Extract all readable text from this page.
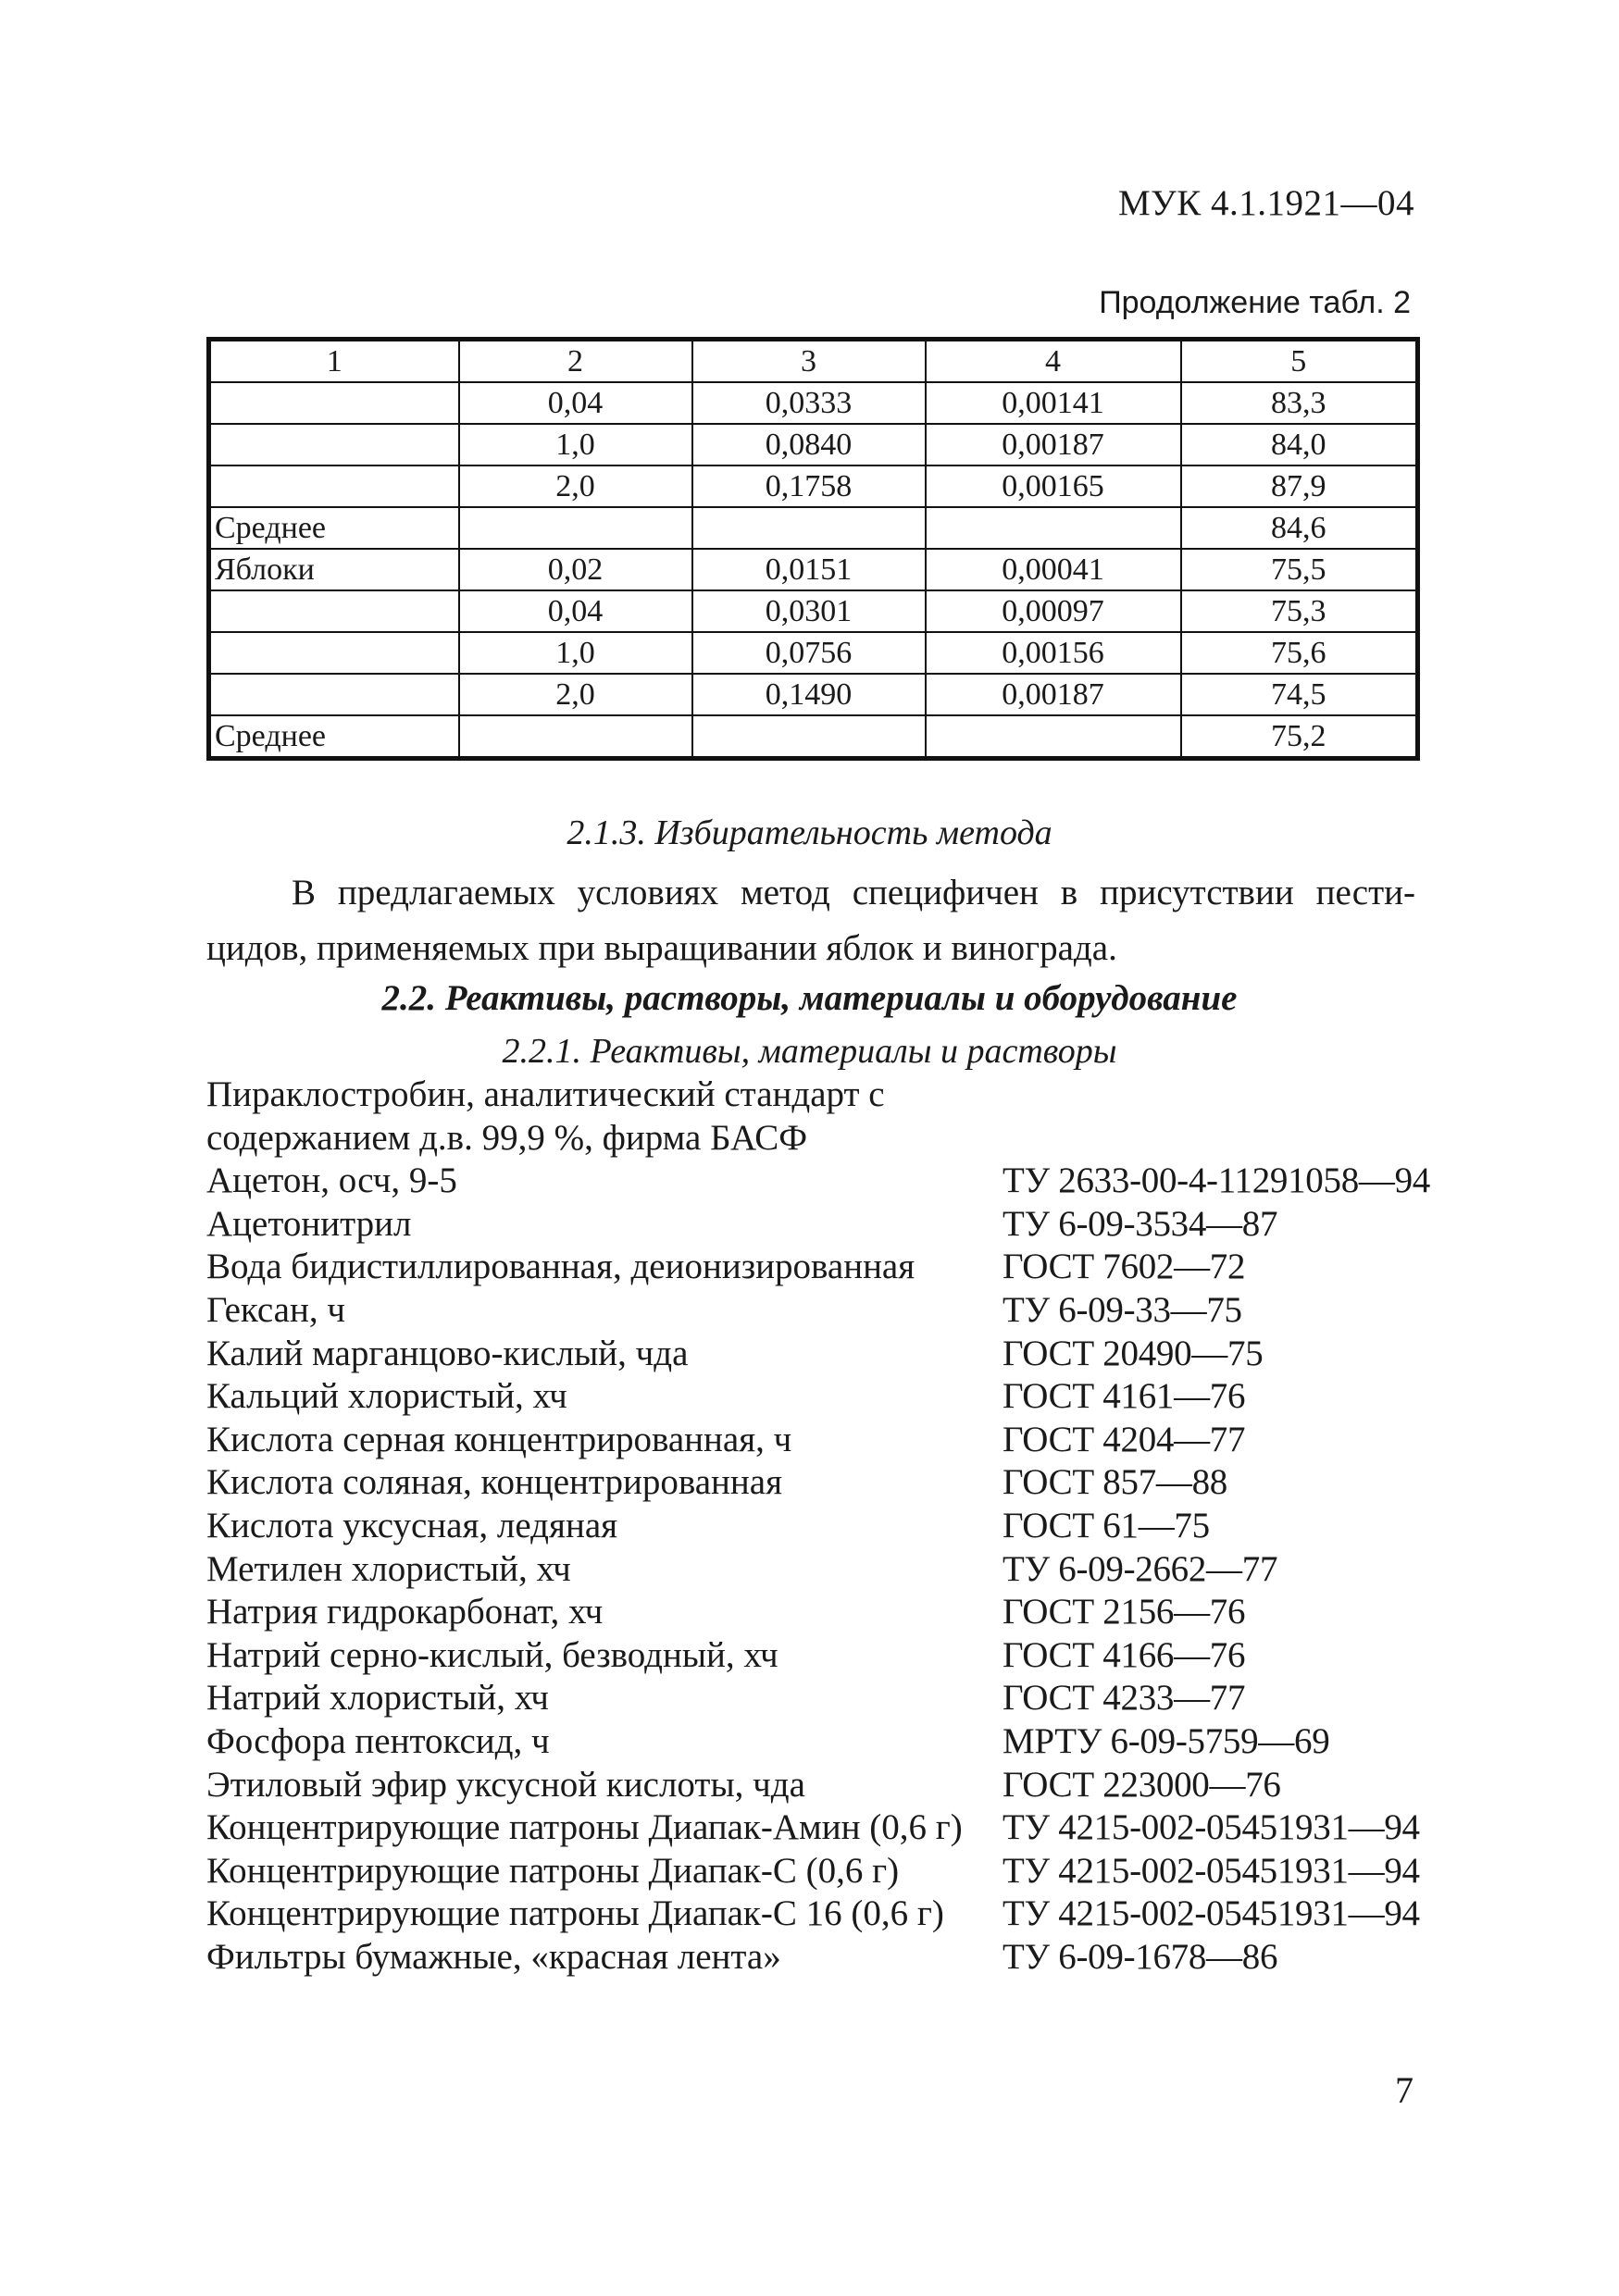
МУК 4.1.1921—04
Продолжение табл. 2
1	2	3	4	5
	0,04	0,0333	0,00141	83,3
	1,0	0,0840	0,00187	84,0
	2,0	0,1758	0,00165	87,9
Среднее				84,6
Яблоки	0,02	0,0151	0,00041	75,5
	0,04	0,0301	0,00097	75,3
	1,0	0,0756	0,00156	75,6
	2,0	0,1490	0,00187	74,5
Среднее				75,2
2.1.3. Избирательность метода
В предлагаемых условиях метод специфичен в присутствии пести-цидов, применяемых при выращивании яблок и винограда.
2.2. Реактивы, растворы, материалы и оборудование
2.2.1. Реактивы, материалы и растворы
Пираклостробин, аналитический стандарт с
содержанием д.в. 99,9 %, фирма БАСФ
Ацетон, осч, 9-5	ТУ 2633-00-4-11291058—94
Ацетонитрил	ТУ 6-09-3534—87
Вода бидистиллированная, деионизированная	ГОСТ 7602—72
Гексан, ч	ТУ 6-09-33—75
Калий марганцово-кислый, чда	ГОСТ 20490—75
Кальций хлористый, хч	ГОСТ 4161—76
Кислота серная концентрированная, ч	ГОСТ 4204—77
Кислота соляная, концентрированная	ГОСТ 857—88
Кислота уксусная, ледяная	ГОСТ 61—75
Метилен хлористый, хч	ТУ 6-09-2662—77
Натрия гидрокарбонат, хч	ГОСТ 2156—76
Натрий серно-кислый, безводный, хч	ГОСТ 4166—76
Натрий хлористый, хч	ГОСТ 4233—77
Фосфора пентоксид, ч	МРТУ 6-09-5759—69
Этиловый эфир уксусной кислоты, чда	ГОСТ 223000—76
Концентрирующие патроны Диапак-Амин (0,6 г)	ТУ 4215-002-05451931—94
Концентрирующие патроны Диапак-С (0,6 г)	ТУ 4215-002-05451931—94
Концентрирующие патроны Диапак-С 16 (0,6 г)	ТУ 4215-002-05451931—94
Фильтры бумажные, «красная лента»	ТУ 6-09-1678—86
7
